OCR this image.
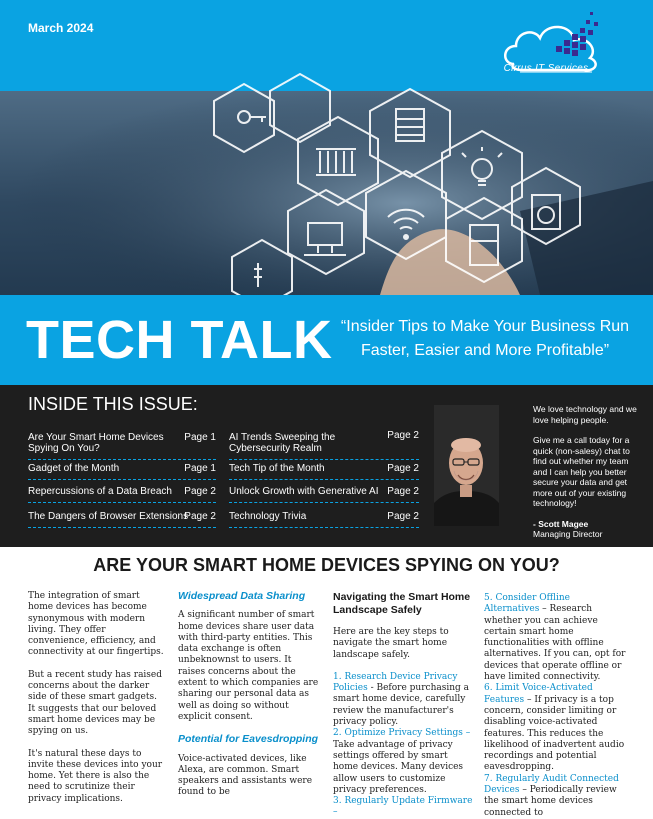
March 2024
Cirrus IT Services
TECH TALK “Insider Tips to Make Your Business Run Faster, Easier and More Profitable”
INSIDE THIS ISSUE:
Are Your Smart Home Devices Spying On You?
Page 1
Gadget of the Month	Page 1
Repercussions of a Data Breach Page 2
The Dangers of Browser Extensions
Page 2
AI Trends Sweeping the Cybersecurity Realm
Page 2
Tech Tip of the Month	Page 2
Unlock Growth with Generative AI Page 2
Technology Trivia	Page 2

We love technology and we love helping people.

Give me a call today for a quick (non-salesy) chat to find out whether my team and I can help you better secure your data and get more out of your existing technology!

- Scott Magee

Managing Director

ARE YOUR SMART HOME DEVICES SPYING ON YOU?

The integration of smart home devices has become synonymous with modern living. They offer convenience, efficiency, and connectivity at our fingertips.

But a recent study has raised concerns about the darker side of these smart gadgets. It suggests that our beloved smart home devices may be spying on us.

It's natural these days to invite these devices into your home. Yet there is also the need to scrutinize their privacy implications.

Widespread Data Sharing

A significant number of smart home devices share user data with third-party entities. This data exchange is often unbeknownst to users. It raises concerns about the extent to which companies are sharing our personal data as well as doing so without explicit consent.

Potential for Eavesdropping

Voice-activated devices, like Alexa, are common. Smart speakers and assistants were found to be

Navigating the Smart Home Landscape Safely

Here are the key steps to navigate the smart home landscape safely.

1. Research Device Privacy Policies - Before purchasing a smart home device, carefully review the manufacturer's privacy policy.

2. Optimize Privacy Settings – Take advantage of privacy settings offered by smart home devices. Many devices allow users to customize privacy preferences.

3. Regularly Update Firmware –

5. Consider Offline Alternatives – Research whether you can achieve certain smart home functionalities with offline alternatives. If you can, opt for devices that operate offline or have limited connectivity.

6. Limit Voice-Activated Features – If privacy is a top concern, consider limiting or disabling voice-activated features. This reduces the likelihood of inadvertent audio recordings and potential eavesdropping.

7. Regularly Audit Connected Devices – Periodically review the smart home devices connected to
